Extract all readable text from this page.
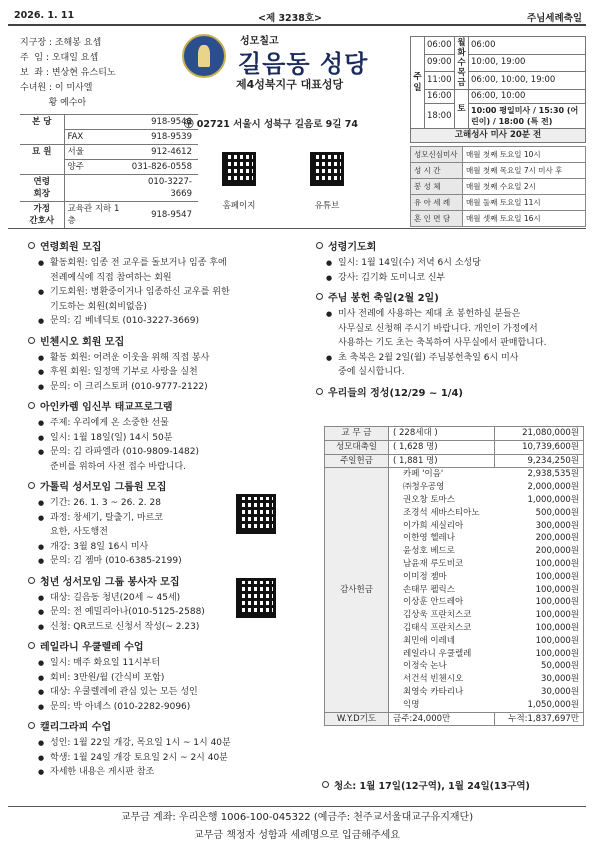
2026. 1. 11	<제 3238호>	주님세례축일
지구장 : 조해봉 요셉
주  임 : 오대일 요셉
보  좌 : 변상현 유스티노
수녀원 : 이 미사엘
황 예수아
본 당		918-9540
	FAX	918-9539
묘 원	서울	912-4612
	양주	031-826-0558
연령
회장		010-3227-3669
가정
간호사	교육관 지하 1층	918-9547
성모칠고
길음동 성당
제4성북지구 대표성당
㉾ 02721 서울시 성북구 길음로 9길 74
홈페이지	유튜브
주일	06:00	월화수목금	06:00
	09:00		10:00, 19:00
	11:00		06:00, 10:00, 19:00
	16:00	토	06:00, 10:00
	18:00		10:00 평일미사 / 15:30 (어린이) / 18:00 (특 전)
고해성사 미사 20분 전			
성모신심미사	매월 첫째 토요일 10시
성 시 간	매월 첫째 목요일 7시 미사 후
봉 성 체	매월 첫째 수요일 2시
유 아 세 례	매월 둘째 토요일 11시
혼 인 면 담	매월 셋째 토요일 16시
연령회원 모집
● 활동회원: 임종 전 교우를 돌보거나 임종 후에
전례예식에 직접 참여하는 회원
● 기도회원: 병환중이거나 임종하신 교우를 위한
기도하는 회원(회비없음)
● 문의: 김 베네딕토 (010-3227-3669)
빈첸시오 회원 모집
● 활동 회원: 어려운 이웃을 위해 직접 봉사
● 후원 회원: 일정액 기부로 사랑을 실천
● 문의: 이 크리스토퍼 (010-9777-2122)
아인카렘 임신부 태교프로그램
● 주제: 우리에게 온 소중한 선물
● 일시: 1월 18일(일) 14시 50분
● 문의: 김 라파엘라 (010-9809-1482)
준비를 위하여 사전 접수 바랍니다.
가톨릭 성서모임 그룹원 모집
● 기간: 26. 1. 3 ~ 26. 2. 28
● 과정: 창세기, 탈출기, 마르코
요한, 사도행전
● 개강: 3월 8일 16시 미사
● 문의: 김 젬마 (010-6385-2199)
청년 성서모임 그룹 봉사자 모집
● 대상: 길음동 청년(20세 ~ 45세)
● 문의: 전 예밀리아나(010-5125-2588)
● 신청: QR코드로 신청서 작성(~ 2.23)
레일라니 우쿨렐레 수업
● 일시: 매주 화요일 11시부터
● 회비: 3만원/월 (간식비 포함)
● 대상: 우쿨렐레에 관심 있는 모든 성인
● 문의: 박 아녜스 (010-2282-9096)
캘리그라피 수업
● 성인: 1월 22일 개강, 목요일 1시 ~ 1시 40분
● 학생: 1월 24일 개강 토요일 2시 ~ 2시 40분
● 자세한 내용은 게시판 참조
성령기도회
● 일시: 1월 14일(수) 저녁 6시 소성당
● 강사: 김기화 도미니코 신부
주님 봉헌 축일(2월 2일)
● 미사 전례에 사용하는 제대 초 봉헌하실 분들은
사무실로 신청해 주시기 바랍니다. 개인이 가정에서
사용하는 기도 초는 축복하여 사무실에서 판매합니다.
● 초 축복은 2월 2일(월) 주님봉헌축일 6시 미사
중에 실시합니다.
우리들의 정성(12/29 ~ 1/4)
교 무 금	( 228세대 )	21,080,000원
성모대축일	( 1,628 명)	10,739,600원
주일헌금	( 1,881 명)	9,234,250원
감사헌금	카페 '이음'	2,938,535원
	㈜청우공영	2,000,000원
	권오창 토마스	1,000,000원
	조경석 세바스티아노	500,000원
	이가희 세실리아	300,000원
	이한영 헬레나	200,000원
	윤성호 베드로	200,000원
	남윤재 루도비코	100,000원
	이미정 젬마	100,000원
	손태무 펠릭스	100,000원
	이상훈 안드레아	100,000원
	김상욱 프란치스코	100,000원
	김태식 프란치스코	100,000원
	최민애 이레네	100,000원
	레일라니 우쿨렐레	100,000원
	이정숙 논나	50,000원
	서건석 빈첸시오	30,000원
	최영숙 카타리나	30,000원
	익명	1,050,000원
W.Y.D기도	금주:24,000만	누적:1,837,697만
청소: 1월 17일(12구역), 1월 24일(13구역)
교무금 계좌: 우리은행 1006-100-045322 (예금주: 천주교서울대교구유지재단)
교무금 책정자 성함과 세례명으로 입금해주세요
